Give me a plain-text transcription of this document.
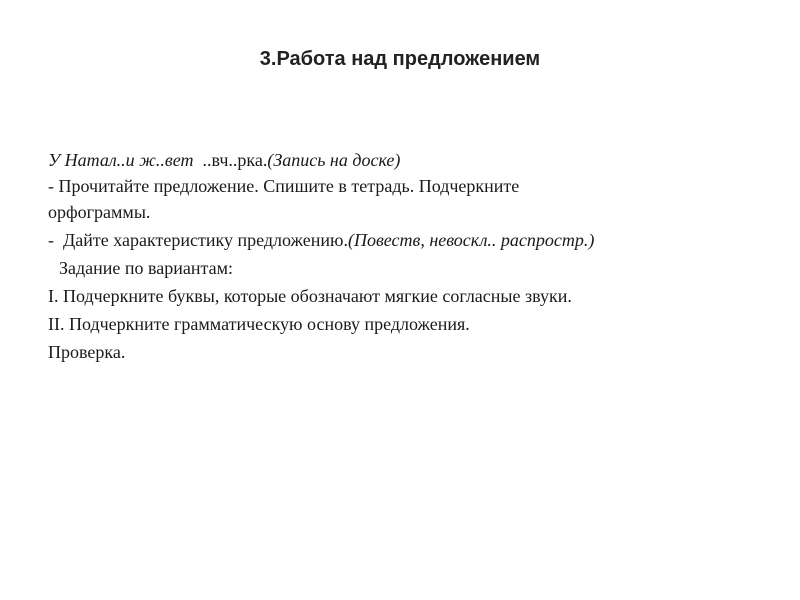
3.Работа над предложением
У Натал..и ж..вет  ..вч..рка.(Запись на доске)
- Прочитайте предложение. Спишите в тетрадь. Подчеркните
орфограммы.
-  Дайте характеристику предложению.(Повеств, невоскл.. распростр.)
Задание по вариантам:
I. Подчеркните буквы, которые обозначают мягкие согласные звуки.
II. Подчеркните грамматическую основу предложения.
Проверка.
